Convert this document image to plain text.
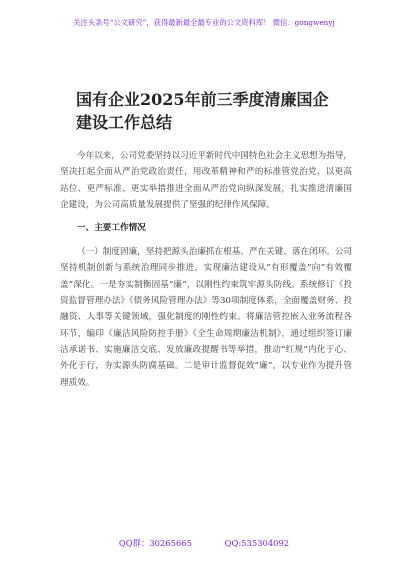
关注头条号“公文研究”，获得最新最全最专业的公文资料库！ 微信：gongwenyj
国有企业2025年前三季度清廉国企
建设工作总结

今年以来，公司党委坚持以习近平新时代中国特色社会主义思想为指导，坚决扛起全面从严治党政治责任，用改革精神和严的标准管党治党，以更高站位、更严标准、更实举措推进全面从严治党向纵深发展，扎实推进清廉国企建设，为公司高质量发展提供了坚强的纪律作风保障。

一、主要工作情况

（一）制度固廉，坚持把源头治廉抓在根基、严在关键、落在闭环。公司坚持机制创新与系统治理同步推进，实现廉洁建设从“有形覆盖”向“有效覆盖”深化。一是夯实制衡固基“廉”，以刚性约束筑牢源头防线。系统修订《投资监督管理办法》《债务风险管理办法》等30项制度体系，全面覆盖财务、投融资、人事等关键领域，强化制度的刚性约束。将廉洁管控嵌入业务流程各环节，编印《廉洁风险防控手册》《全生命周期廉洁机制》，通过组织签订廉洁承诺书、实施廉洁交底、发放廉政提醒书等举措，推动“红规”内化于心、外化于行，夯实源头防腐基础。二是审计监督促效“廉”，以专业作为提升管理质效。

QQ群：30265665	QQ:535304092
